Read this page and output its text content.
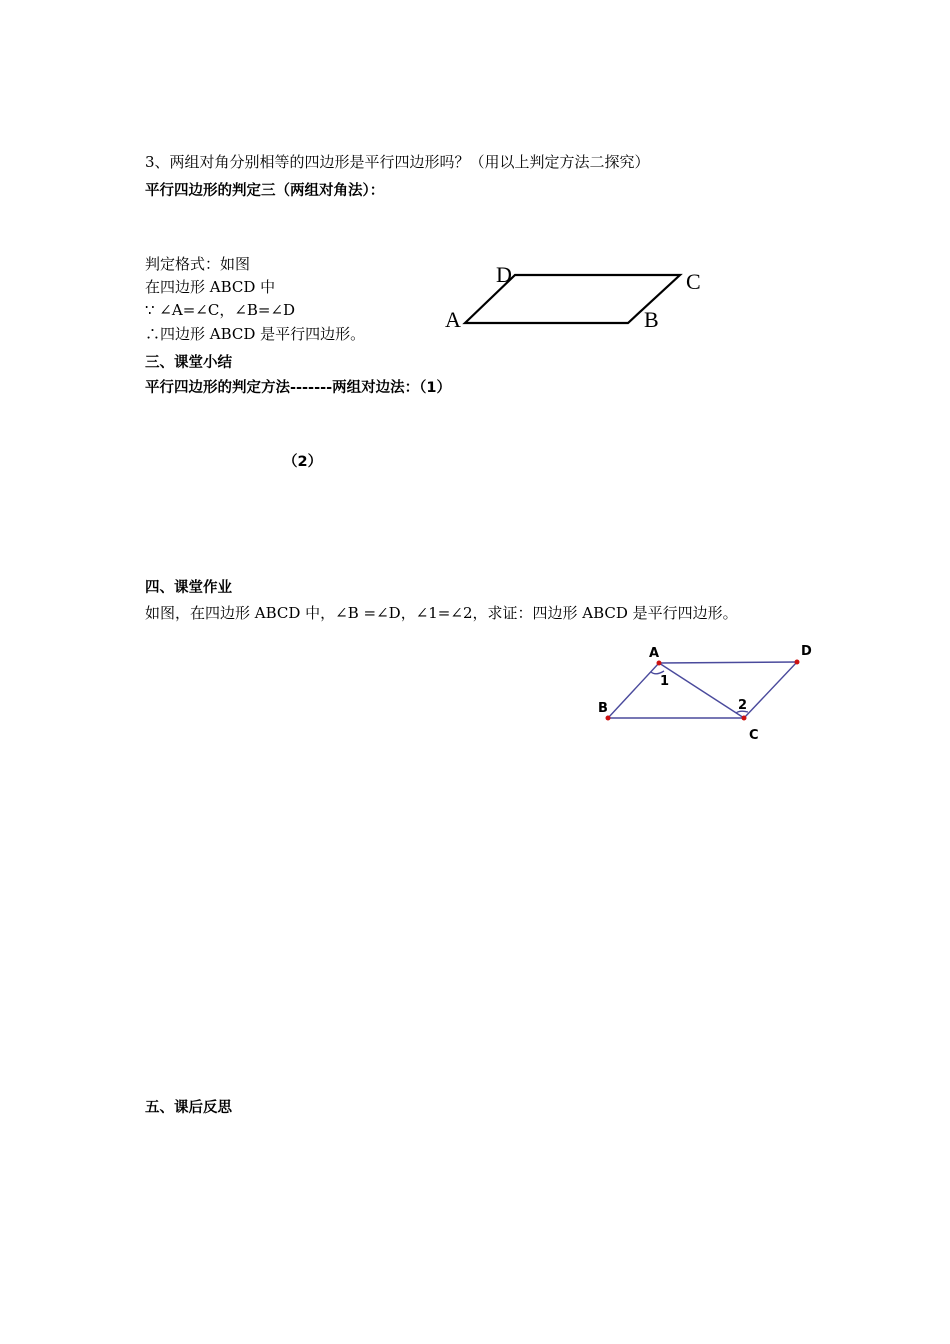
3、两组对角分别相等的四边形是平行四边形吗？（用以上判定方法二探究）
平行四边形的判定三（两组对角法）：
判定格式：如图
在四边形 ABCD 中
∵ ∠A=∠C，∠B=∠D
∴四边形 ABCD 是平行四边形。
A	B
C
D
三、课堂小结
平行四边形的判定方法-------两组对边法：（1）
（2）
四、课堂作业
如图，在四边形 ABCD 中，∠B =∠D，∠1=∠2，求证：四边形 ABCD 是平行四边形。
A
B
C
D
1
2
五、课后反思
